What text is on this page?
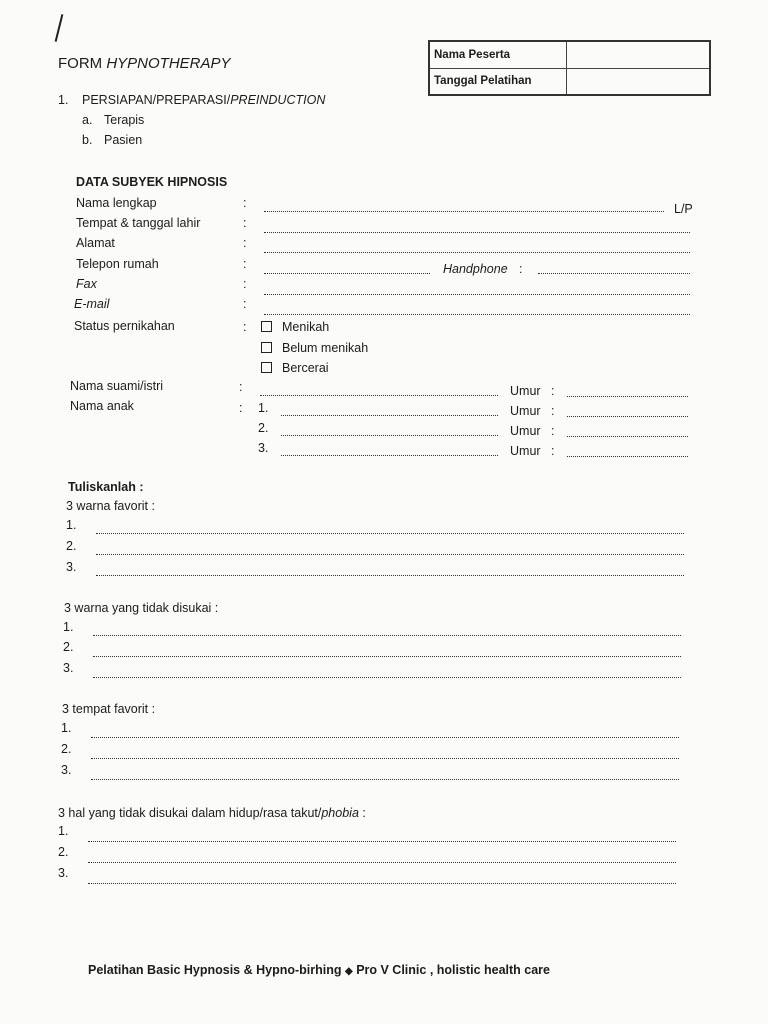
FORM HYPNOTHERAPY
Nama Peserta	
Tanggal Pelatihan	
1. PERSIAPAN/PREPARASI/PREINDUCTION
a. Terapis
b. Pasien
DATA SUBYEK HIPNOSIS
Nama lengkap	:	L/P
Tempat & tanggal lahir	:
Alamat	:
Telepon rumah	:	Handphone :
Fax	:
E-mail	:
Status pernikahan	:	Menikah
Belum menikah
Bercerai
Nama suami/istri	:	Umur :
Nama anak	: 1.	Umur :
2.	Umur :
3.	Umur :
Tuliskanlah :
3 warna favorit :
1.
2.
3.
3 warna yang tidak disukai :
1.
2.
3.
3 tempat favorit :
1.
2.
3.
3 hal yang tidak disukai dalam hidup/rasa takut/phobia :
1.
2.
3.
Pelatihan Basic Hypnosis & Hypno-birhing ◆ Pro V Clinic , holistic health care
